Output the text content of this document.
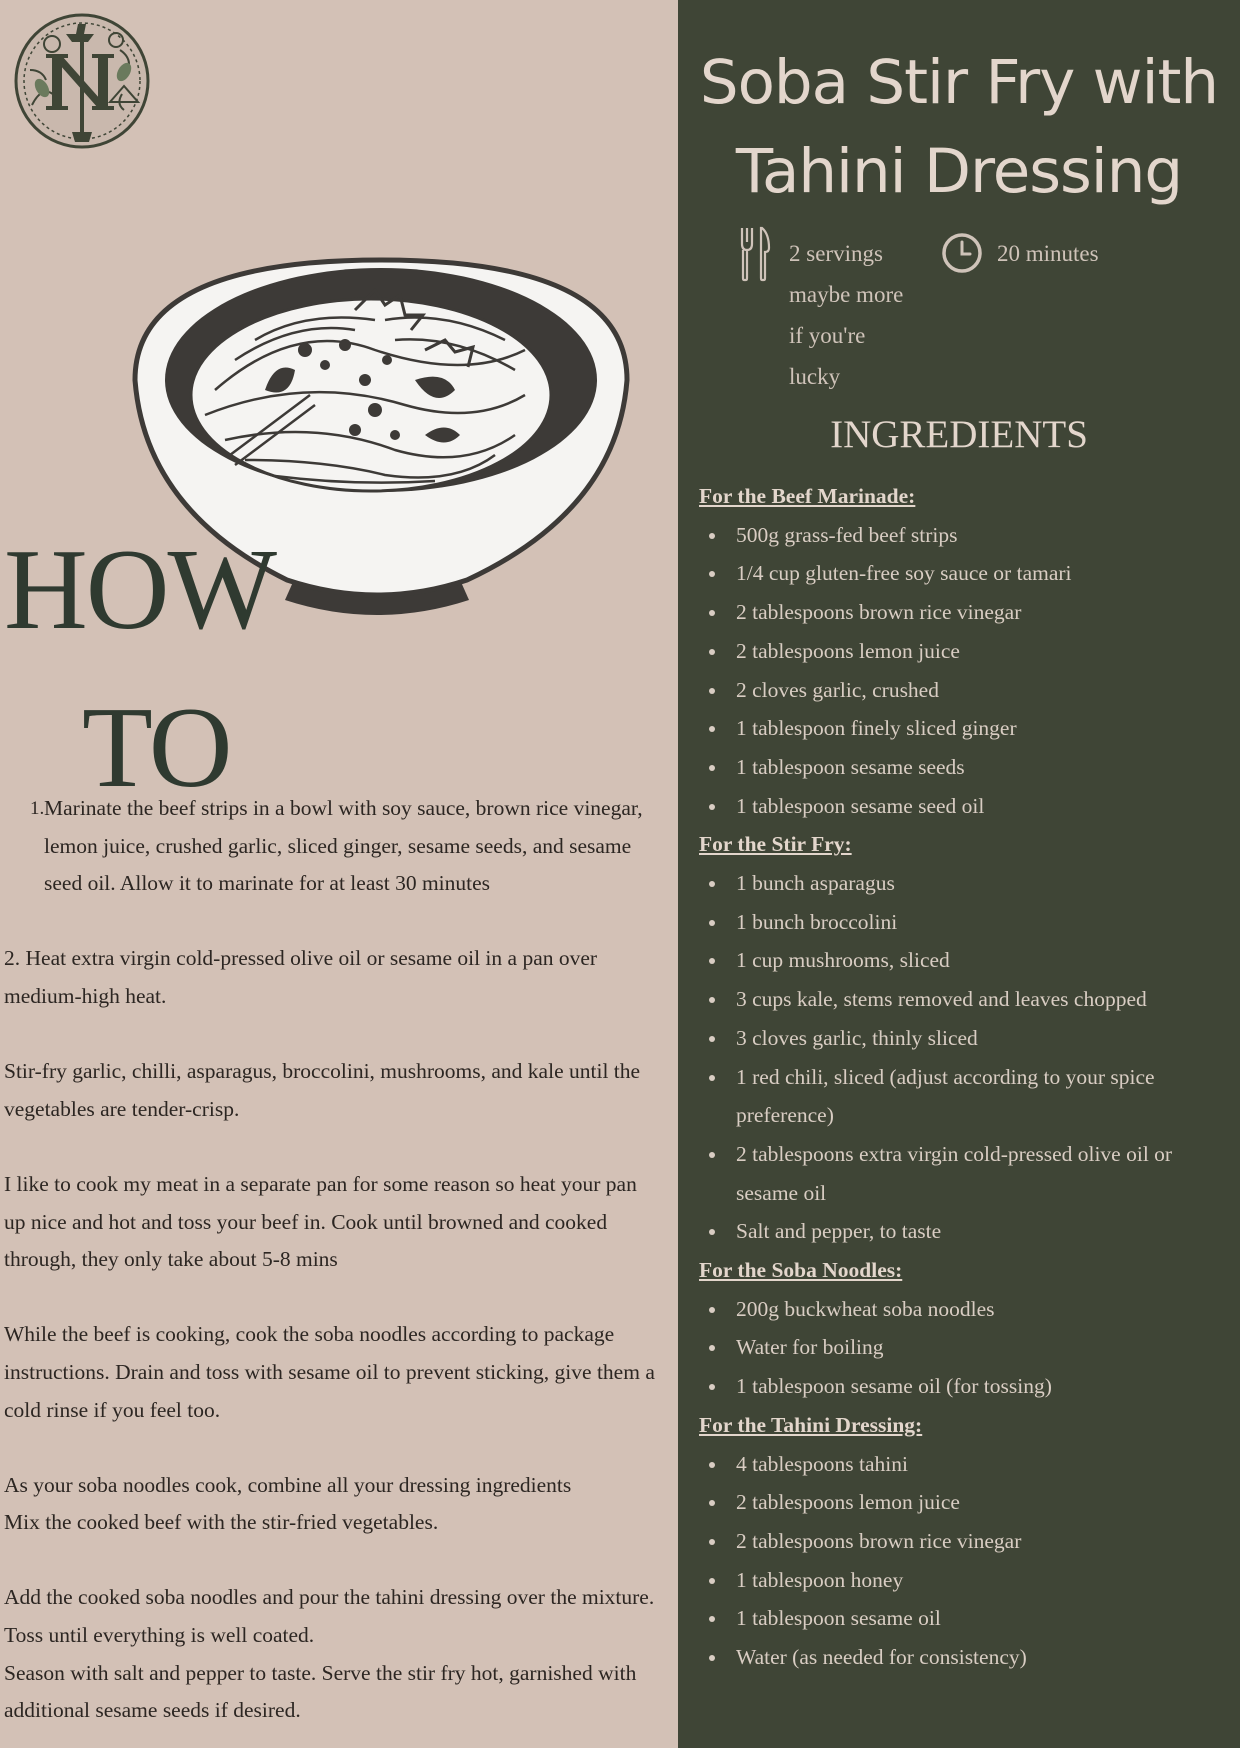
HOW
TO
1. Marinate the beef strips in a bowl with soy sauce, brown rice vinegar, lemon juice, crushed garlic, sliced ginger, sesame seeds, and sesame seed oil. Allow it to marinate for at least 30 minutes

2. Heat extra virgin cold-pressed olive oil or sesame oil in a pan over medium-high heat.

Stir-fry garlic, chilli, asparagus, broccolini, mushrooms, and kale until the vegetables are tender-crisp.

I like to cook my meat in a separate pan for some reason so heat your pan up nice and hot and toss your beef in. Cook until browned and cooked through, they only take about 5-8 mins

While the beef is cooking, cook the soba noodles according to package instructions. Drain and toss with sesame oil to prevent sticking, give them a cold rinse if you feel too.

As your soba noodles cook, combine all your dressing ingredients

Mix the cooked beef with the stir-fried vegetables.

Add the cooked soba noodles and pour the tahini dressing over the mixture. Toss until everything is well coated.

Season with salt and pepper to taste. Serve the stir fry hot, garnished with additional sesame seeds if desired.

Soba Stir Fry with
Tahini Dressing
2 servings
maybe more
if you're
lucky
20 minutes
INGREDIENTS

For the Beef Marinade:

500g grass-fed beef strips
1/4 cup gluten-free soy sauce or tamari
2 tablespoons brown rice vinegar
2 tablespoons lemon juice
2 cloves garlic, crushed
1 tablespoon finely sliced ginger
1 tablespoon sesame seeds
1 tablespoon sesame seed oil

For the Stir Fry:

1 bunch asparagus
1 bunch broccolini
1 cup mushrooms, sliced
3 cups kale, stems removed and leaves chopped
3 cloves garlic, thinly sliced
1 red chili, sliced (adjust according to your spice preference)
2 tablespoons extra virgin cold-pressed olive oil or sesame oil
Salt and pepper, to taste

For the Soba Noodles:

200g buckwheat soba noodles
Water for boiling
1 tablespoon sesame oil (for tossing)

For the Tahini Dressing:

4 tablespoons tahini
2 tablespoons lemon juice
2 tablespoons brown rice vinegar
1 tablespoon honey
1 tablespoon sesame oil
Water (as needed for consistency)
